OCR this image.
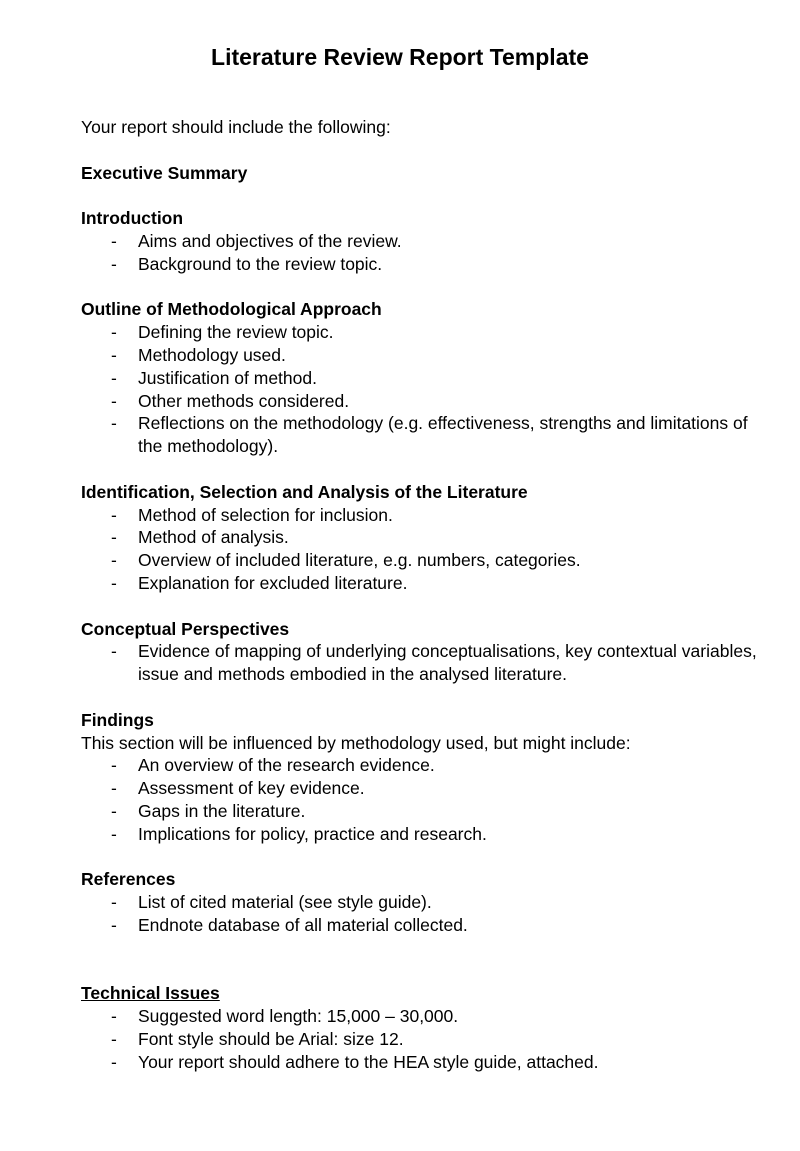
Literature Review Report Template

Your report should include the following:

Executive Summary

Introduction

- Aims and objectives of the review.
- Background to the review topic.

Outline of Methodological Approach

- Defining the review topic.
- Methodology used.
- Justification of method.
- Other methods considered.
- Reflections on the methodology (e.g. effectiveness, strengths and limitations of the methodology).

Identification, Selection and Analysis of the Literature

- Method of selection for inclusion.
- Method of analysis.
- Overview of included literature, e.g. numbers, categories.
- Explanation for excluded literature.

Conceptual Perspectives

- Evidence of mapping of underlying conceptualisations, key contextual variables, issue and methods embodied in the analysed literature.

Findings

This section will be influenced by methodology used, but might include:

- An overview of the research evidence.
- Assessment of key evidence.
- Gaps in the literature.
- Implications for policy, practice and research.

References

- List of cited material (see style guide).
- Endnote database of all material collected.

Technical Issues

- Suggested word length: 15,000 – 30,000.
- Font style should be Arial: size 12.
- Your report should adhere to the HEA style guide, attached.
